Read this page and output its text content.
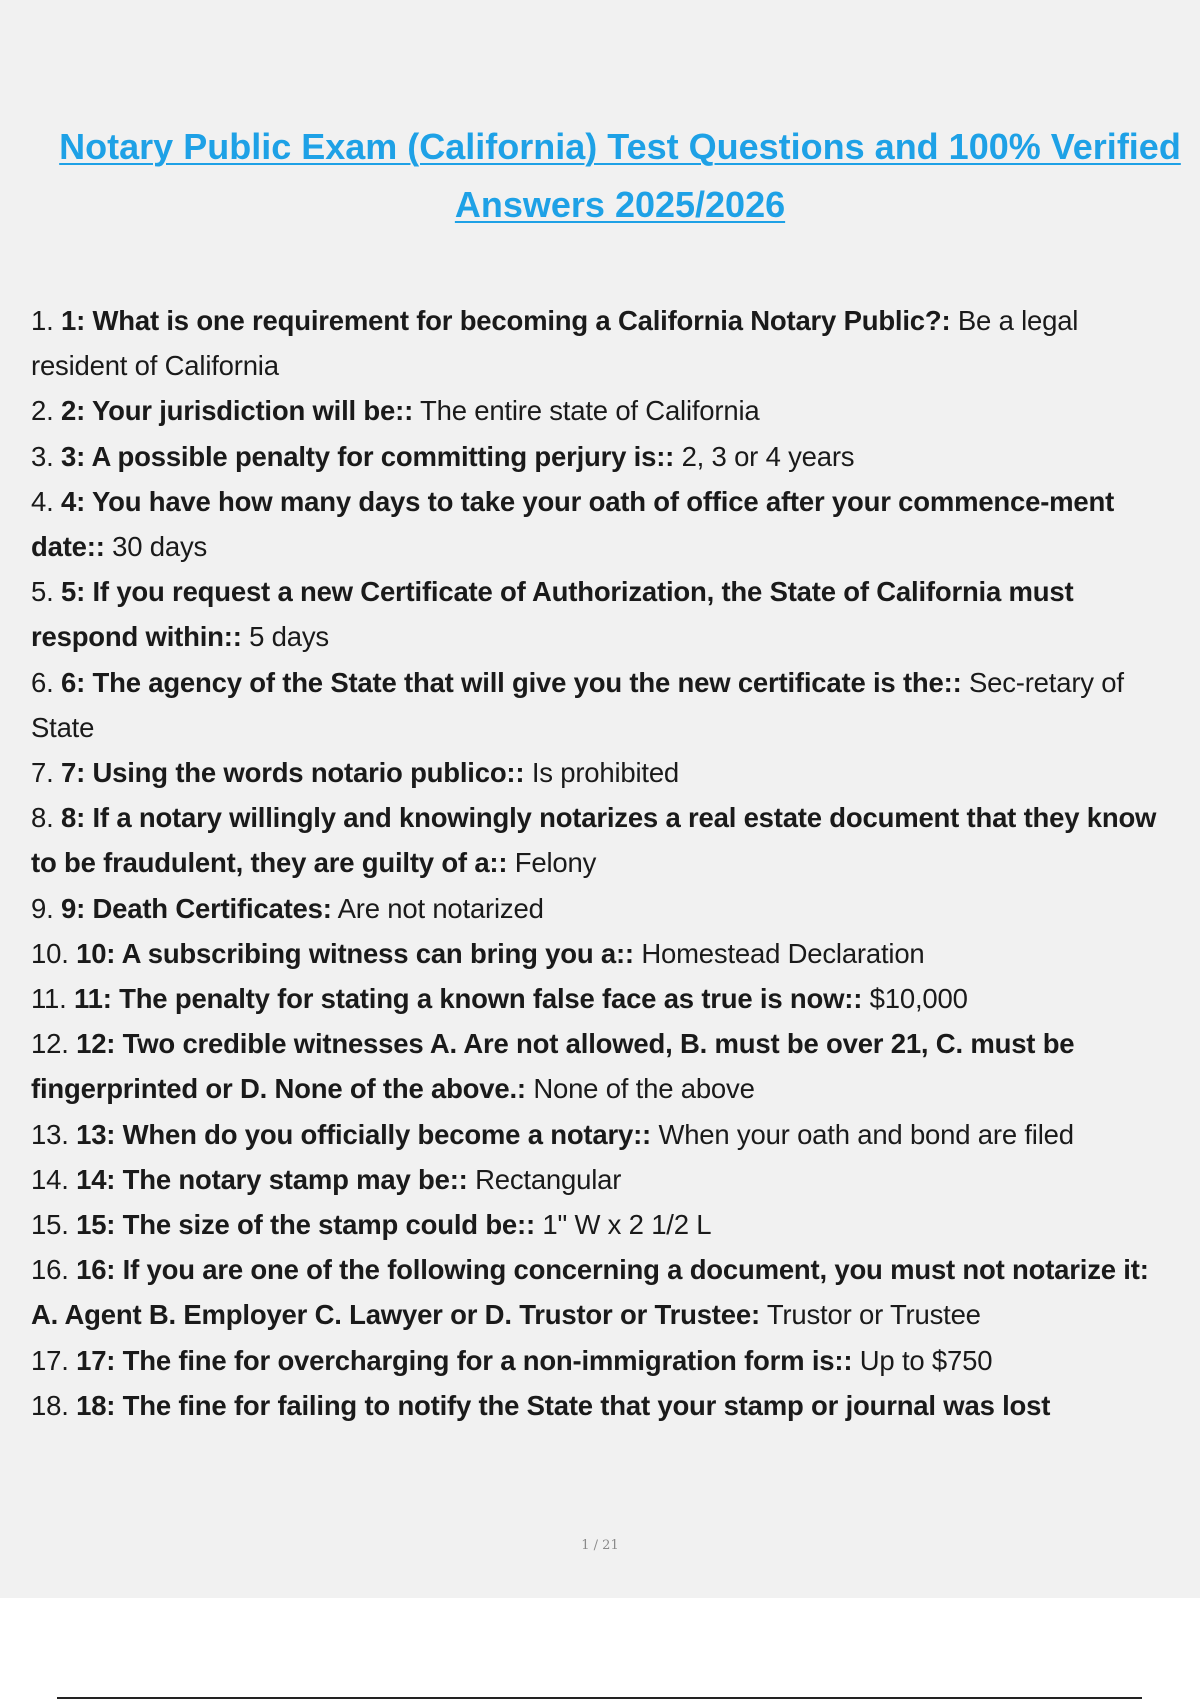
Notary Public Exam (California) Test Questions and 100% Verified Answers 2025/2026
1. 1: What is one requirement for becoming a California Notary Public?: Be a legal resident of California
2. 2: Your jurisdiction will be:: The entire state of California
3. 3: A possible penalty for committing perjury is:: 2, 3 or 4 years
4. 4: You have how many days to take your oath of office after your commence-ment date:: 30 days
5. 5: If you request a new Certificate of Authorization, the State of California must respond within:: 5 days
6. 6: The agency of the State that will give you the new certificate is the:: Sec-retary of State
7. 7: Using the words notario publico:: Is prohibited
8. 8: If a notary willingly and knowingly notarizes a real estate document that they know to be fraudulent, they are guilty of a:: Felony
9. 9: Death Certificates: Are not notarized
10. 10: A subscribing witness can bring you a:: Homestead Declaration
11. 11: The penalty for stating a known false face as true is now:: $10,000
12. 12: Two credible witnesses A. Are not allowed, B. must be over 21, C. must be fingerprinted or D. None of the above.: None of the above
13. 13: When do you officially become a notary:: When your oath and bond are filed
14. 14: The notary stamp may be:: Rectangular
15. 15: The size of the stamp could be:: 1" W x 2 1/2 L
16. 16: If you are one of the following concerning a document, you must not notarize it: A. Agent B. Employer C. Lawyer or D. Trustor or Trustee: Trustor or Trustee
17. 17: The fine for overcharging for a non-immigration form is:: Up to $750
18. 18: The fine for failing to notify the State that your stamp or journal was lost
1 / 21
